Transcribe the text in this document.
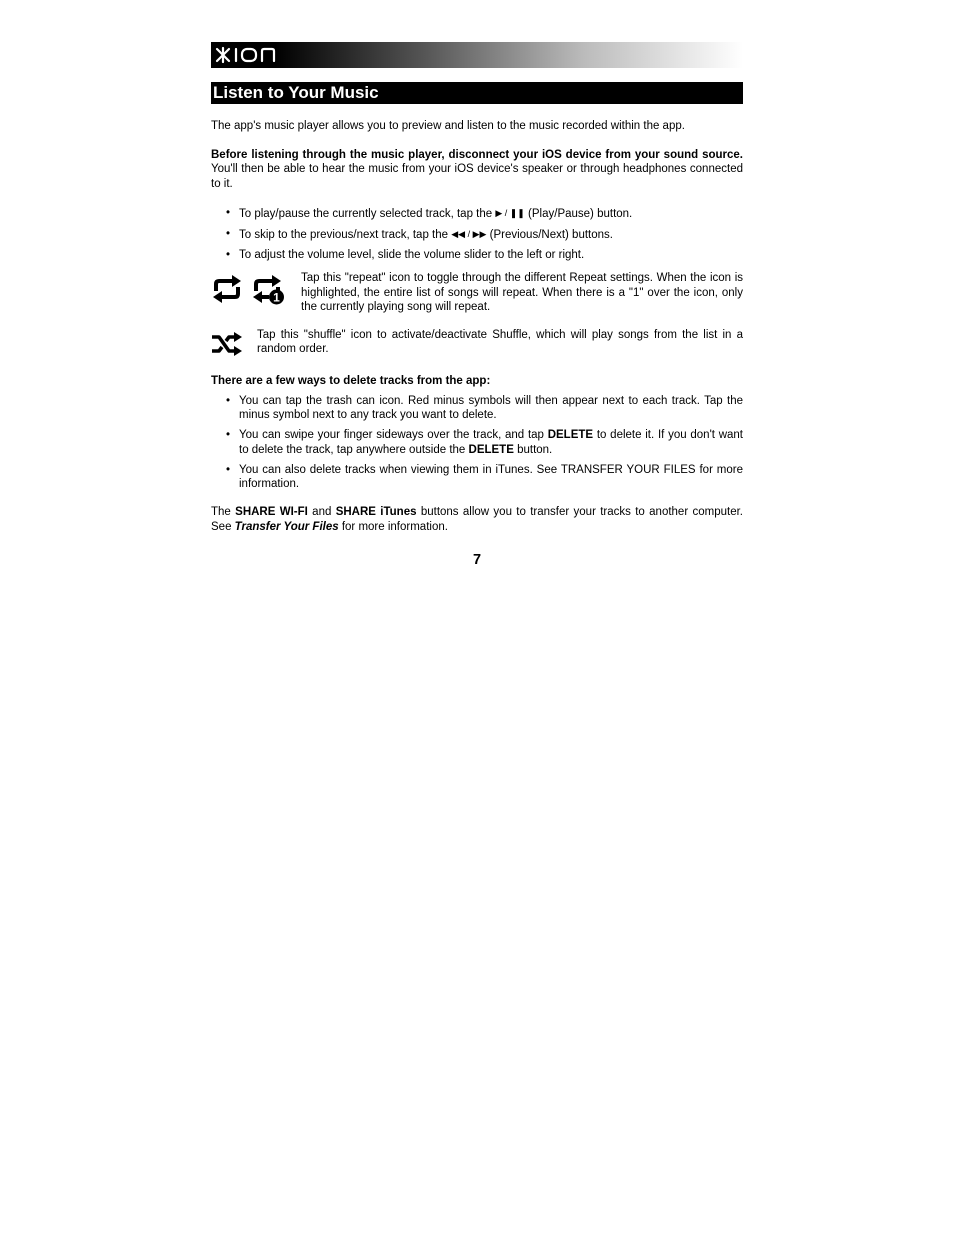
ION
Listen to Your Music

The app's music player allows you to preview and listen to the music recorded within the app.

Before listening through the music player, disconnect your iOS device from your sound source. You'll then be able to hear the music from your iOS device's speaker or through headphones connected to it.

• To play/pause the currently selected track, tap the ▶ / ❚❚ (Play/Pause) button.
• To skip to the previous/next track, tap the ◀◀ / ▶▶ (Previous/Next) buttons.
• To adjust the volume level, slide the volume slider to the left or right.
1

Tap this "repeat" icon to toggle through the different Repeat settings. When the icon is highlighted, the entire list of songs will repeat. When there is a "1" over the icon, only the currently playing song will repeat.

Tap this "shuffle" icon to activate/deactivate Shuffle, which will play songs from the list in a random order.

There are a few ways to delete tracks from the app:

• You can tap the trash can icon. Red minus symbols will then appear next to each track. Tap the minus symbol next to any track you want to delete.
• You can swipe your finger sideways over the track, and tap DELETE to delete it. If you don't want to delete the track, tap anywhere outside the DELETE button.
• You can also delete tracks when viewing them in iTunes. See TRANSFER YOUR FILES for more information.

The SHARE WI-FI and SHARE iTunes buttons allow you to transfer your tracks to another computer. See Transfer Your Files for more information.

7
